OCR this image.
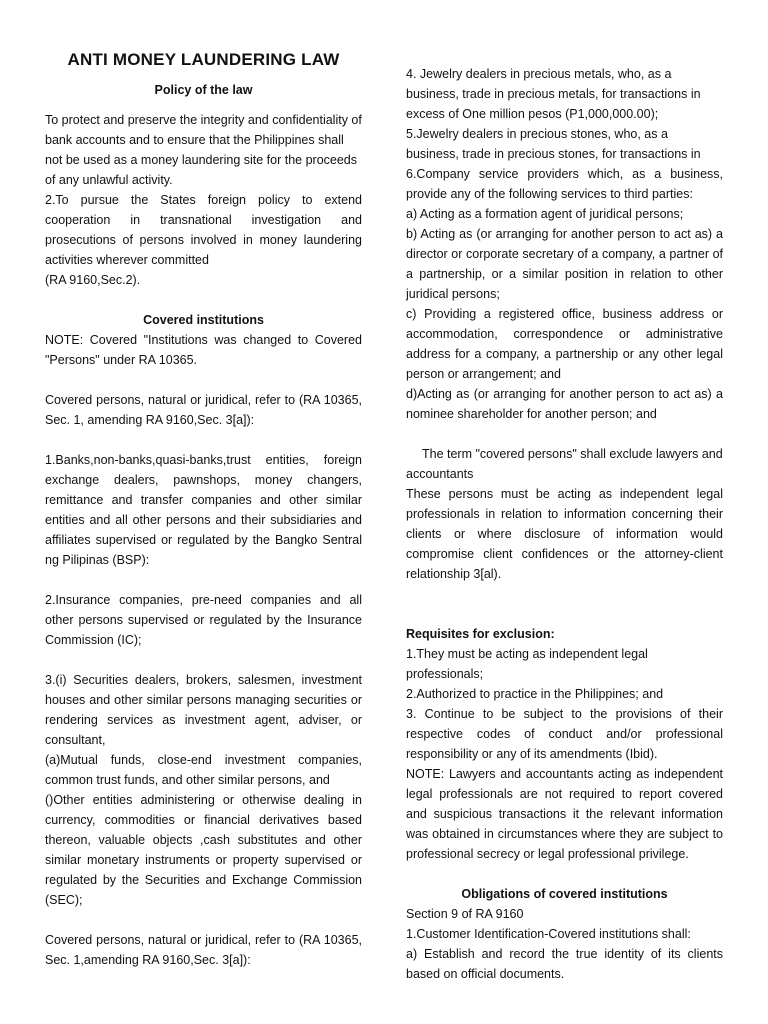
ANTI MONEY LAUNDERING LAW

Policy of the law

To protect and preserve the integrity and confidentiality of bank accounts and to ensure that the Philippines shall not be used as a money laundering site for the proceeds of any unlawful activity.

2.To pursue the States foreign policy to extend cooperation in transnational investigation and prosecutions of persons involved in money laundering activities wherever committed

(RA 9160,Sec.2).

Covered institutions

NOTE: Covered "Institutions was changed to Covered "Persons" under RA 10365.

Covered persons, natural or juridical, refer to (RA 10365, Sec. 1, amending RA 9160,Sec. 3[a]):

1.Banks,non-banks,quasi-banks,trust entities, foreign exchange dealers, pawnshops, money changers, remittance and transfer companies and other similar entities and all other persons and their subsidiaries and affiliates supervised or regulated by the Bangko Sentral ng Pilipinas (BSP):

2.Insurance companies, pre-need companies and all other persons supervised or regulated by the Insurance Commission (IC);

3.(i) Securities dealers, brokers, salesmen, investment houses and other similar persons managing securities or rendering services as investment agent, adviser, or consultant,

(a)Mutual funds, close-end investment companies, common trust funds, and other similar persons, and

()Other entities administering or otherwise dealing in currency, commodities or financial derivatives based thereon, valuable objects ,cash substitutes and other similar monetary instruments or property supervised or regulated by the Securities and Exchange Commission (SEC);

Covered persons, natural or juridical, refer to (RA 10365, Sec. 1,amending RA 9160,Sec. 3[a]):

4. Jewelry dealers in precious metals, who, as a business, trade in precious metals, for transactions in excess of One million pesos (P1,000,000.00);

5.Jewelry dealers in precious stones, who, as a business, trade in precious stones, for transactions in

6.Company service providers which, as a business, provide any of the following services to third parties:

a) Acting as a formation agent of juridical persons;

b) Acting as (or arranging for another person to act as) a director or corporate secretary of a company, a partner of a partnership, or a similar position in relation to other juridical persons;

c) Providing a registered office, business address or accommodation, correspondence or administrative address for a company, a partnership or any other legal person or arrangement; and

d)Acting as (or arranging for another person to act as) a nominee shareholder for another person; and

The term "covered persons" shall exclude lawyers and accountants

These persons must be acting as independent legal professionals in relation to information concerning their clients or where disclosure of information would compromise client confidences or the attorney-client relationship 3[al).

Requisites for exclusion:

1.They must be acting as independent legal professionals;

2.Authorized to practice in the Philippines; and

3. Continue to be subject to the provisions of their respective codes of conduct and/or professional responsibility or any of its amendments (Ibid).

NOTE: Lawyers and accountants acting as independent legal professionals are not required to report covered and suspicious transactions it the relevant information was obtained in circumstances where they are subject to professional secrecy or legal professional privilege.

Obligations of covered institutions

Section 9 of RA 9160

1.Customer Identification-Covered institutions shall:

a) Establish and record the true identity of its clients based on official documents.
